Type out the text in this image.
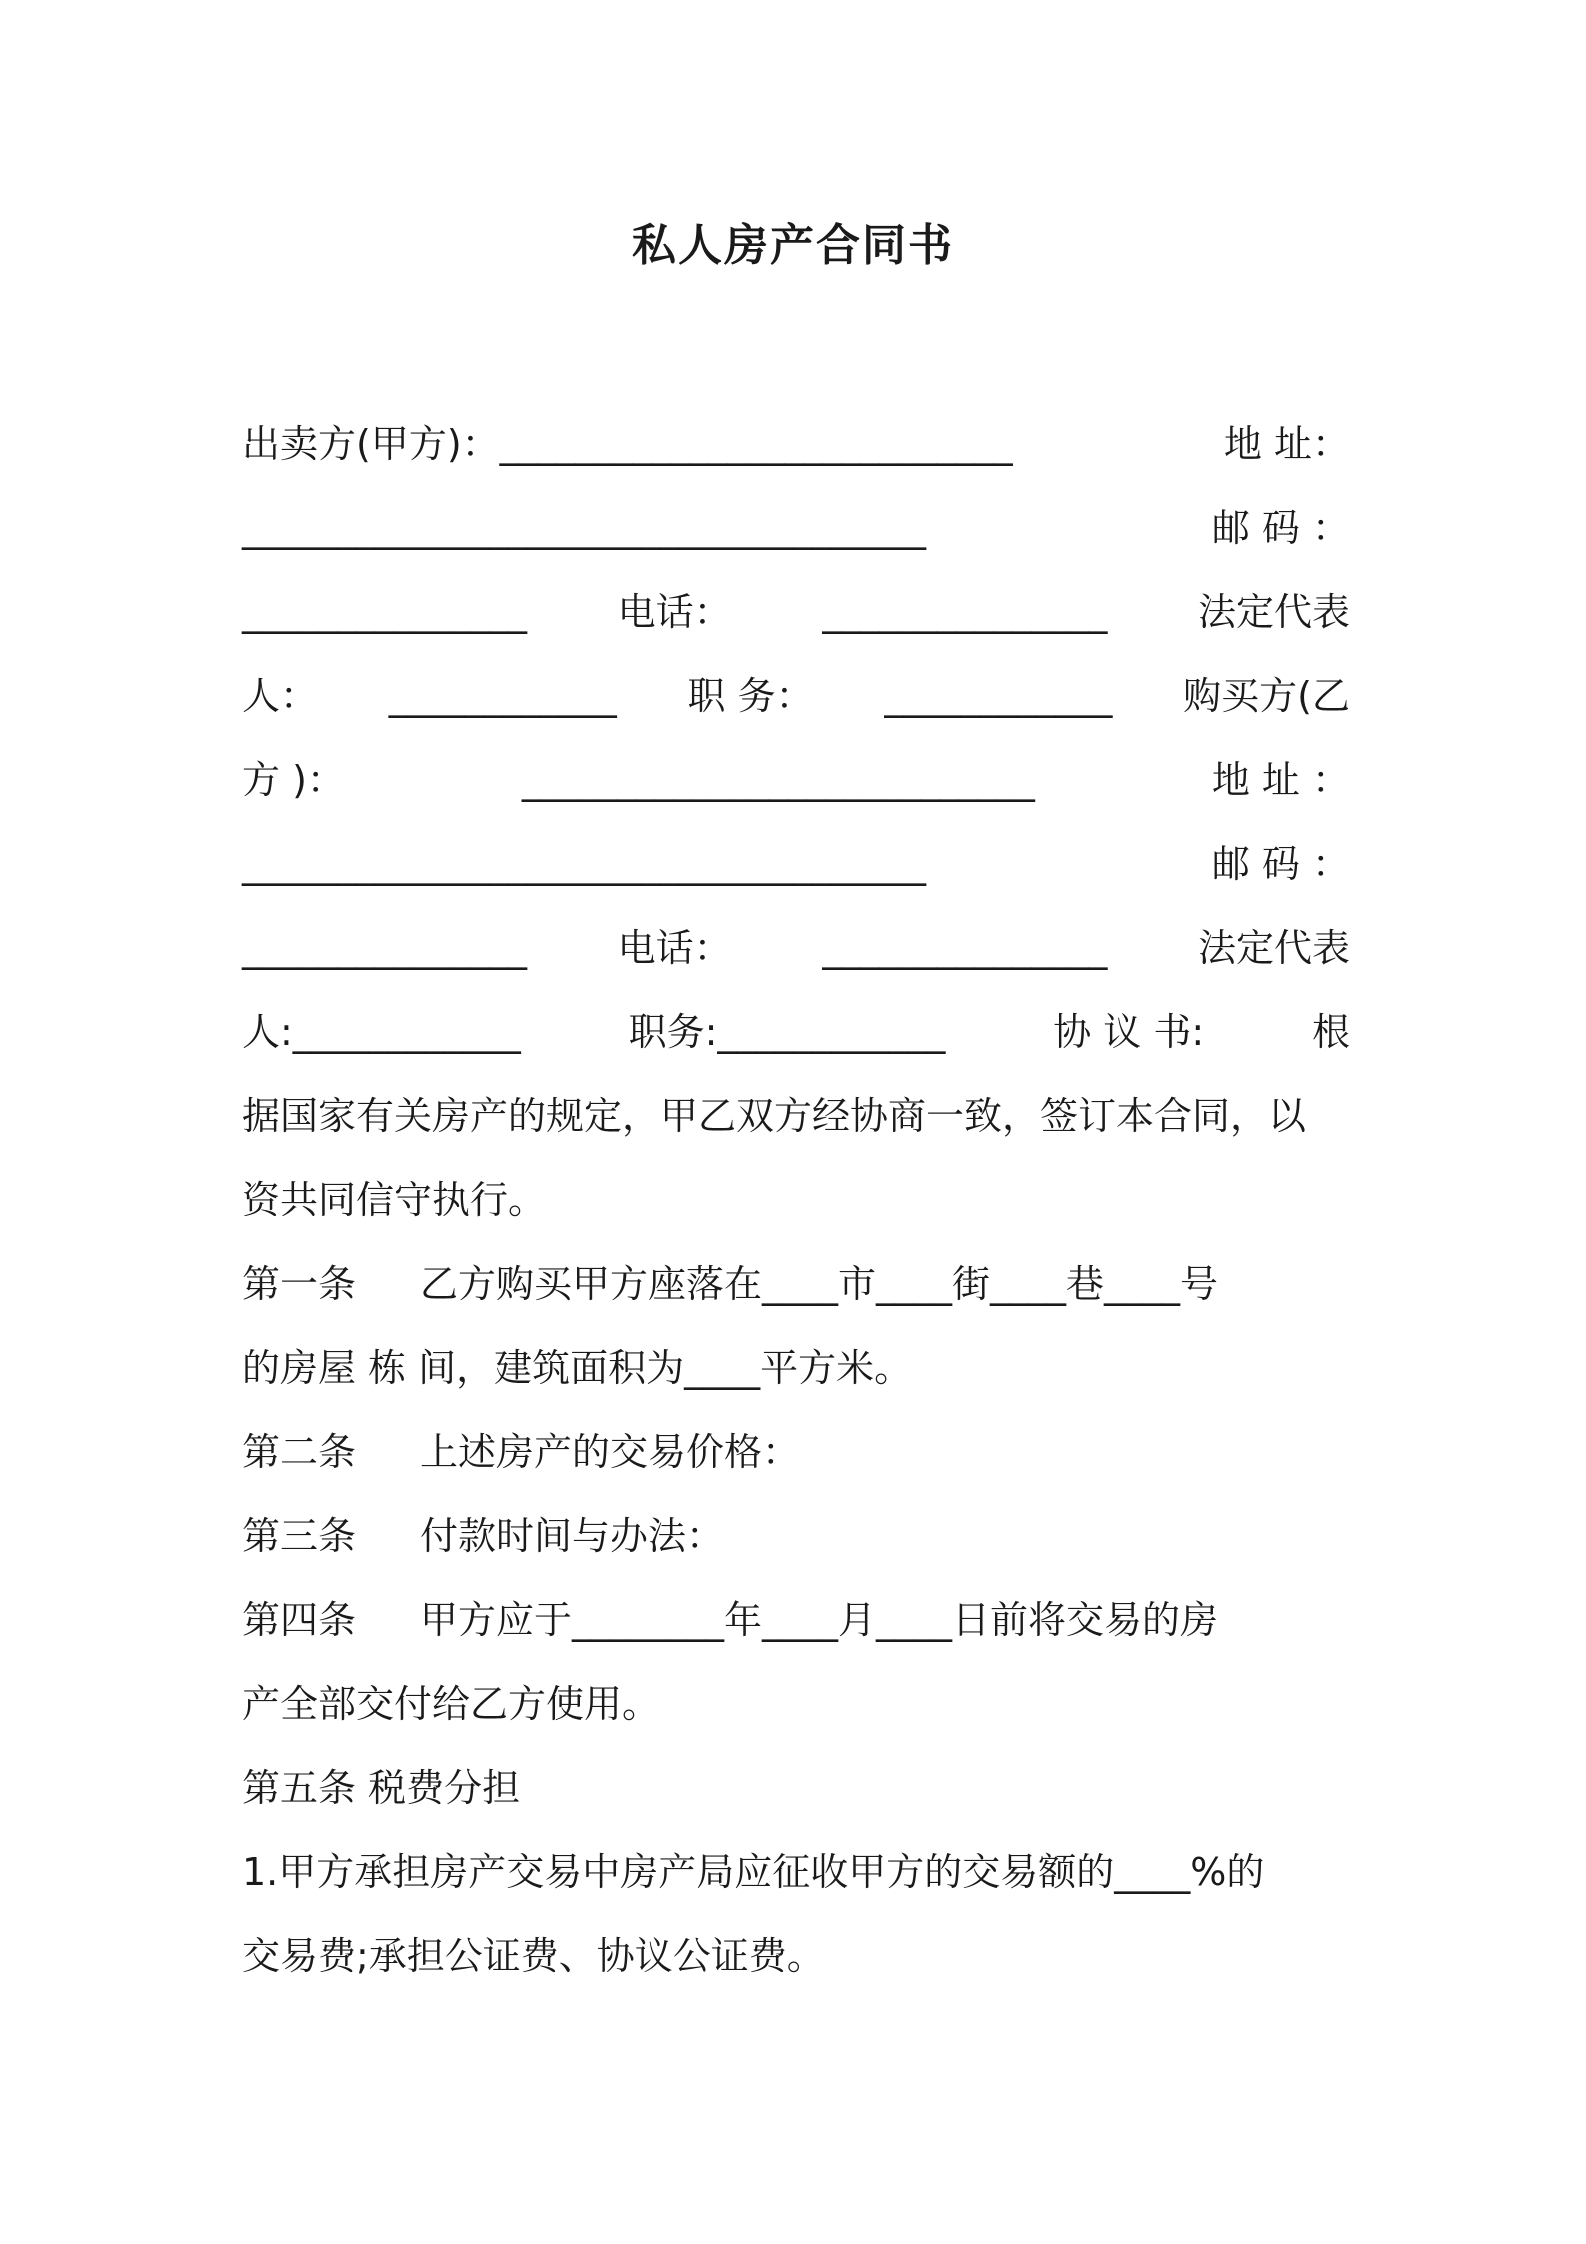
私人房产合同书
出卖方(甲方)：___________________________	地 址：
____________________________________	邮 码 ：
_______________ 电话： _______________ 法定代表
人： ____________ 职 务： ____________ 购买方(乙
方 )：	___________________________	地 址 ：
____________________________________	邮 码 ：
_______________ 电话： _______________ 法定代表
人:____________	职务:____________	协 议 书:	根
据国家有关房产的规定，甲乙双方经协商一致，签订本合同，以
资共同信守执行。
第一条 乙方购买甲方座落在____市____街____巷____号
的房屋 栋 间，建筑面积为____平方米。
第二条 上述房产的交易价格：
第三条 付款时间与办法：
第四条 甲方应于________年____月____日前将交易的房
产全部交付给乙方使用。
第五条 税费分担
1.甲方承担房产交易中房产局应征收甲方的交易额的____%的
交易费;承担公证费、协议公证费。
